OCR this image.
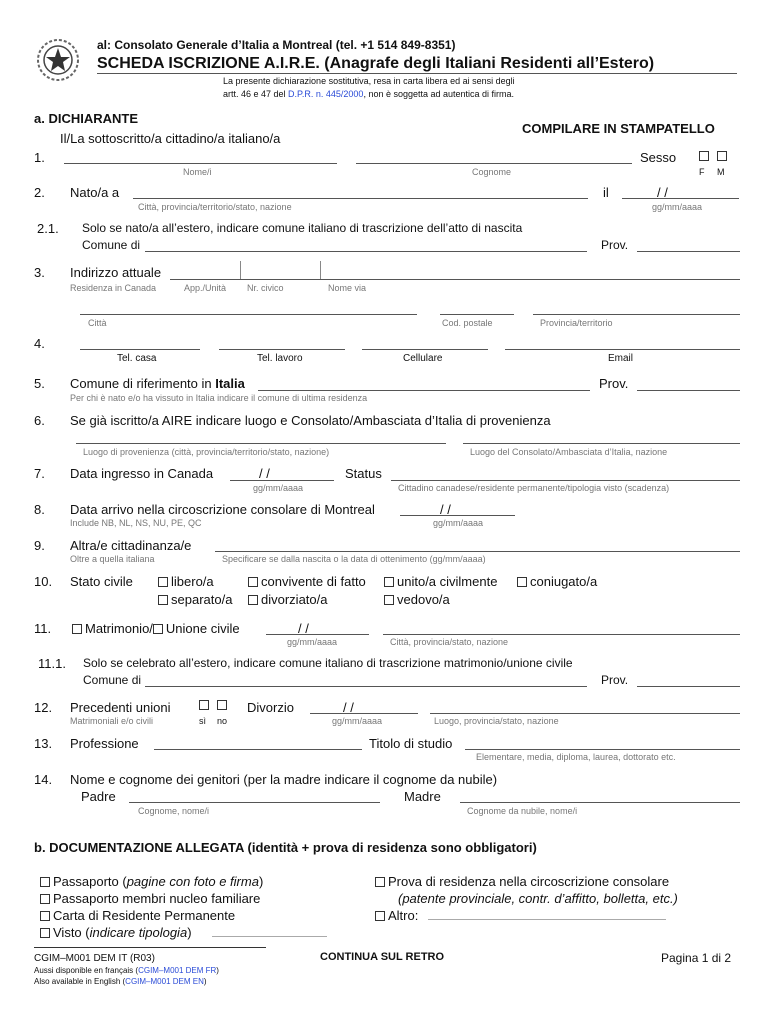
al: Consolato Generale d’Italia a Montreal (tel. +1 514 849-8351)
SCHEDA ISCRIZIONE A.I.R.E. (Anagrafe degli Italiani Residenti all’Estero)
La presente dichiarazione sostitutiva, resa in carta libera ed ai sensi degli
artt. 46 e 47 del D.P.R. n. 445/2000, non è soggetta ad autentica di firma.
a. DICHIARANTE
COMPILARE IN STAMPATELLO
Il/La sottoscritto/a cittadino/a italiano/a
1.
Nome/i	Cognome
Sesso
F M
2. Nato/a a
Città, provincia/territorio/stato, nazione
il	/ /
gg/mm/aaaa
2.1. Solo se nato/a all’estero, indicare comune italiano di trascrizione dell’atto di nascita
Comune di	Prov.
3. Indirizzo attuale
Residenza in Canada	App./Unità Nr. civico	Nome via
Città	Cod. postale	Provincia/territorio
4.
Tel. casa	Tel. lavoro	Cellulare	Email
5. Comune di riferimento in Italia	Prov.
Per chi è nato e/o ha vissuto in Italia indicare il comune di ultima residenza
6. Se già iscritto/a AIRE indicare luogo e Consolato/Ambasciata d’Italia di provenienza
Luogo di provenienza (città, provincia/territorio/stato, nazione)	Luogo del Consolato/Ambasciata d’Italia, nazione
7. Data ingresso in Canada	/ /
gg/mm/aaaa
Status
Cittadino canadese/residente permanente/tipologia visto (scadenza)
8. Data arrivo nella circoscrizione consolare di Montreal	/ /
Include NB, NL, NS, NU, PE, QC	gg/mm/aaaa
9. Altra/e cittadinanza/e
Oltre a quella italiana	Specificare se dalla nascita o la data di ottenimento (gg/mm/aaaa)
10. Stato civile	libero/a	convivente di fatto	unito/a civilmente	coniugato/a
separato/a	divorziato/a	vedovo/a
11.	Matrimonio/ Unione civile	/ /
gg/mm/aaaa	Città, provincia/stato, nazione
11.1. Solo se celebrato all’estero, indicare comune italiano di trascrizione matrimonio/unione civile
Comune di	Prov.
12. Precedenti unioni
Matrimoniali e/o civili	sì no
Divorzio	/ /
gg/mm/aaaa	Luogo, provincia/stato, nazione
13. Professione	Titolo di studio
Elementare, media, diploma, laurea, dottorato etc.
14. Nome e cognome dei genitori (per la madre indicare il cognome da nubile)
Padre	Madre
Cognome, nome/i	Cognome da nubile, nome/i
b. DOCUMENTAZIONE ALLEGATA (identità + prova di residenza sono obbligatori)
Passaporto (pagine con foto e firma)
Passaporto membri nucleo familiare
Carta di Residente Permanente
Visto (indicare tipologia)
Prova di residenza nella circoscrizione consolare
(patente provinciale, contr. d’affitto, bolletta, etc.)
Altro:
CGIM–M001 DEM IT (R03)
Aussi disponible en français (CGIM–M001 DEM FR)
Also available in English (CGIM–M001 DEM EN)
CONTINUA SUL RETRO	Pagina 1 di 2
